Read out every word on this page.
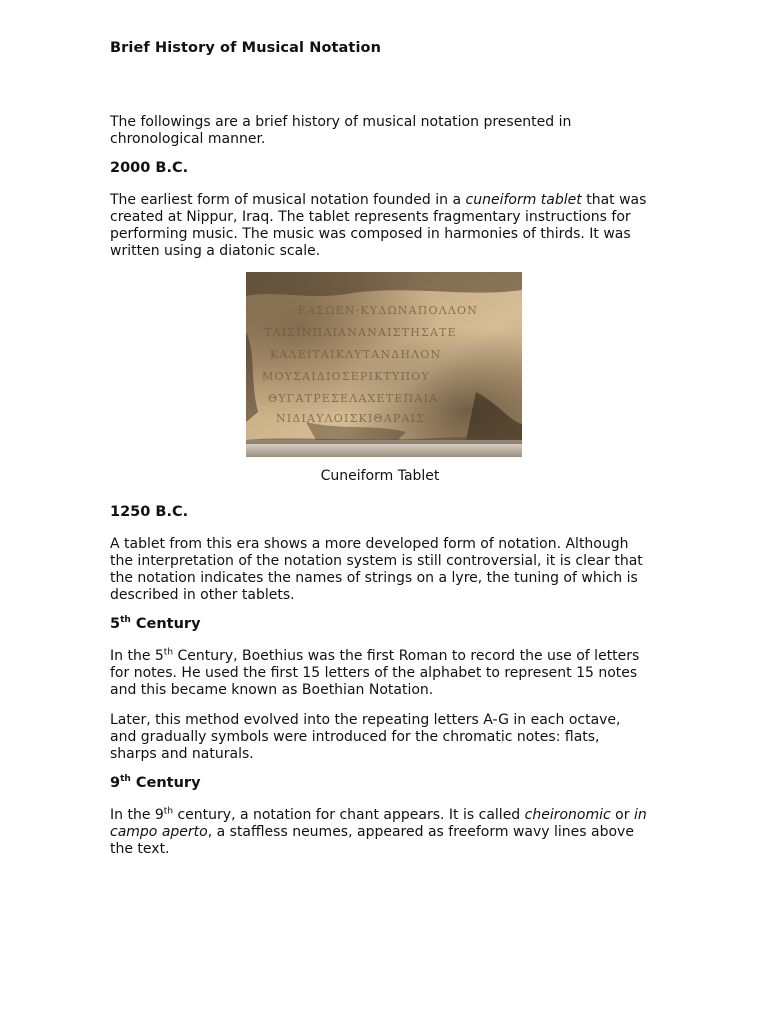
Brief History of Musical Notation

The followings are a brief history of musical notation presented in chronological manner.

2000 B.C.

The earliest form of musical notation founded in a cuneiform tablet that was created at Nippur, Iraq. The tablet represents fragmentary instructions for performing music. The music was composed in harmonies of thirds. It was written using a diatonic scale.

ΕΑΣΩΕΝ·ΚΥΔΩΝΑΠΟΛΛΟΝ
ΤΑΙΣΙΝΠΑΙΑΝΑΝΑΙΣΤΗΣΑΤΕ
ΚΑΛΕΙΤΑΙΚΛΥΤΑΝΔΗΛΟΝ
ΜΟΥΣΑΙΔΙΟΣΕΡΙΚΤΥΠΟΥ
ΘΥΓΑΤΡΕΣΕΛΑΧΕΤΕΠΑΙΑ
ΝΙΔΙΑΥΛΟΙΣΚΙΘΑΡΑΙΣ
Cuneiform Tablet

1250 B.C.

A tablet from this era shows a more developed form of notation. Although the interpretation of the notation system is still controversial, it is clear that the notation indicates the names of strings on a lyre, the tuning of which is described in other tablets.

5th Century

In the 5th Century, Boethius was the first Roman to record the use of letters for notes. He used the first 15 letters of the alphabet to represent 15 notes and this became known as Boethian Notation.

Later, this method evolved into the repeating letters A-G in each octave, and gradually symbols were introduced for the chromatic notes: flats, sharps and naturals.

9th Century

In the 9th century, a notation for chant appears. It is called cheironomic or in campo aperto, a staffless neumes, appeared as freeform wavy lines above the text.
